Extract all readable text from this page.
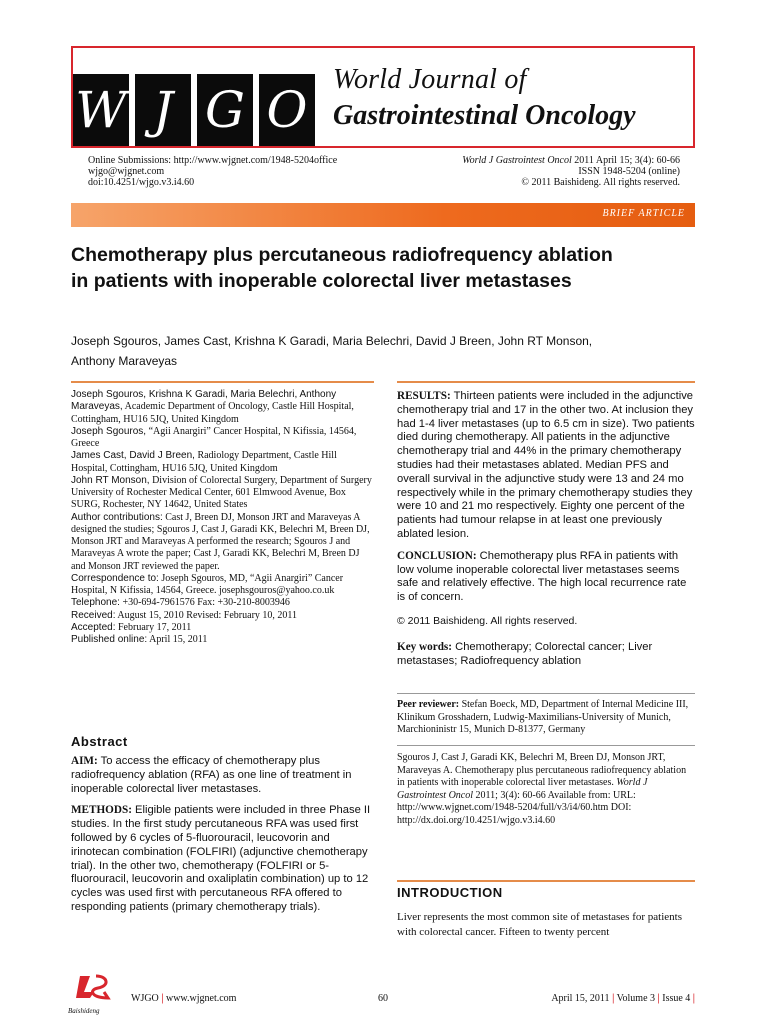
W J G O
World Journal of
Gastrointestinal Oncology
Online Submissions: http://www.wjgnet.com/1948-5204office
wjgo@wjgnet.com
doi:10.4251/wjgo.v3.i4.60
World J Gastrointest Oncol 2011 April 15; 3(4): 60-66
ISSN 1948-5204 (online)
© 2011 Baishideng. All rights reserved.
BRIEF ARTICLE
Chemotherapy plus percutaneous radiofrequency ablation
in patients with inoperable colorectal liver metastases
Joseph Sgouros, James Cast, Krishna K Garadi, Maria Belechri, David J Breen, John RT Monson,
Anthony Maraveyas

Joseph Sgouros, Krishna K Garadi, Maria Belechri, Anthony Maraveyas, Academic Department of Oncology, Castle Hill Hospital, Cottingham, HU16 5JQ, United Kingdom

Joseph Sgouros, “Agii Anargiri” Cancer Hospital, N Kifissia, 14564, Greece

James Cast, David J Breen, Radiology Department, Castle Hill Hospital, Cottingham, HU16 5JQ, United Kingdom

John RT Monson, Division of Colorectal Surgery, Department of Surgery University of Rochester Medical Center, 601 Elmwood Avenue, Box SURG, Rochester, NY 14642, United States

Author contributions: Cast J, Breen DJ, Monson JRT and Maraveyas A designed the studies; Sgouros J, Cast J, Garadi KK, Belechri M, Breen DJ, Monson JRT and Maraveyas A performed the research; Sgouros J and Maraveyas A wrote the paper; Cast J, Garadi KK, Belechri M, Breen DJ and Monson JRT reviewed the paper.

Correspondence to: Joseph Sgouros, MD, “Agii Anargiri” Cancer Hospital, N Kifissia, 14564, Greece. josephsgouros@yahoo.co.uk

Telephone: +30-694-7961576 Fax: +30-210-8003946

Received: August 15, 2010 Revised: February 10, 2011

Accepted: February 17, 2011

Published online: April 15, 2011

Abstract

AIM: To access the efficacy of chemotherapy plus radiofrequency ablation (RFA) as one line of treatment in inoperable colorectal liver metastases.

METHODS: Eligible patients were included in three Phase II studies. In the first study percutaneous RFA was used first followed by 6 cycles of 5-fluorouracil, leucovorin and irinotecan combination (FOLFIRI) (adjunctive chemotherapy trial). In the other two, chemotherapy (FOLFIRI or 5-fluorouracil, leucovorin and oxaliplatin combination) up to 12 cycles was used first with percutaneous RFA offered to responding patients (primary chemotherapy trials).

RESULTS: Thirteen patients were included in the adjunctive chemotherapy trial and 17 in the other two. At inclusion they had 1-4 liver metastases (up to 6.5 cm in size). Two patients died during chemotherapy. All patients in the adjunctive chemotherapy trial and 44% in the primary chemotherapy studies had their metastases ablated. Median PFS and overall survival in the adjunctive study were 13 and 24 mo respectively while in the primary chemotherapy studies they were 10 and 21 mo respectively. Eighty one percent of the patients had tumour relapse in at least one previously ablated lesion.

CONCLUSION: Chemotherapy plus RFA in patients with low volume inoperable colorectal liver metastases seems safe and relatively effective. The high local recurrence rate is of concern.

© 2011 Baishideng. All rights reserved.

Key words: Chemotherapy; Colorectal cancer; Liver metastases; Radiofrequency ablation

Peer reviewer: Stefan Boeck, MD, Department of Internal Medicine III, Klinikum Grosshadern, Ludwig-Maximilians-University of Munich, Marchioninistr 15, Munich D-81377, Germany
Sgouros J, Cast J, Garadi KK, Belechri M, Breen DJ, Monson JRT, Maraveyas A. Chemotherapy plus percutaneous radiofrequency ablation in patients with inoperable colorectal liver metastases. World J Gastrointest Oncol 2011; 3(4): 60-66 Available from: URL: http://www.wjgnet.com/1948-5204/full/v3/i4/60.htm DOI: http://dx.doi.org/10.4251/wjgo.v3.i4.60
INTRODUCTION
Liver represents the most common site of metastases for patients with colorectal cancer. Fifteen to twenty percent
Baishideng
WJGO | www.wjgnet.com	60	April 15, 2011 | Volume 3 | Issue 4 |
